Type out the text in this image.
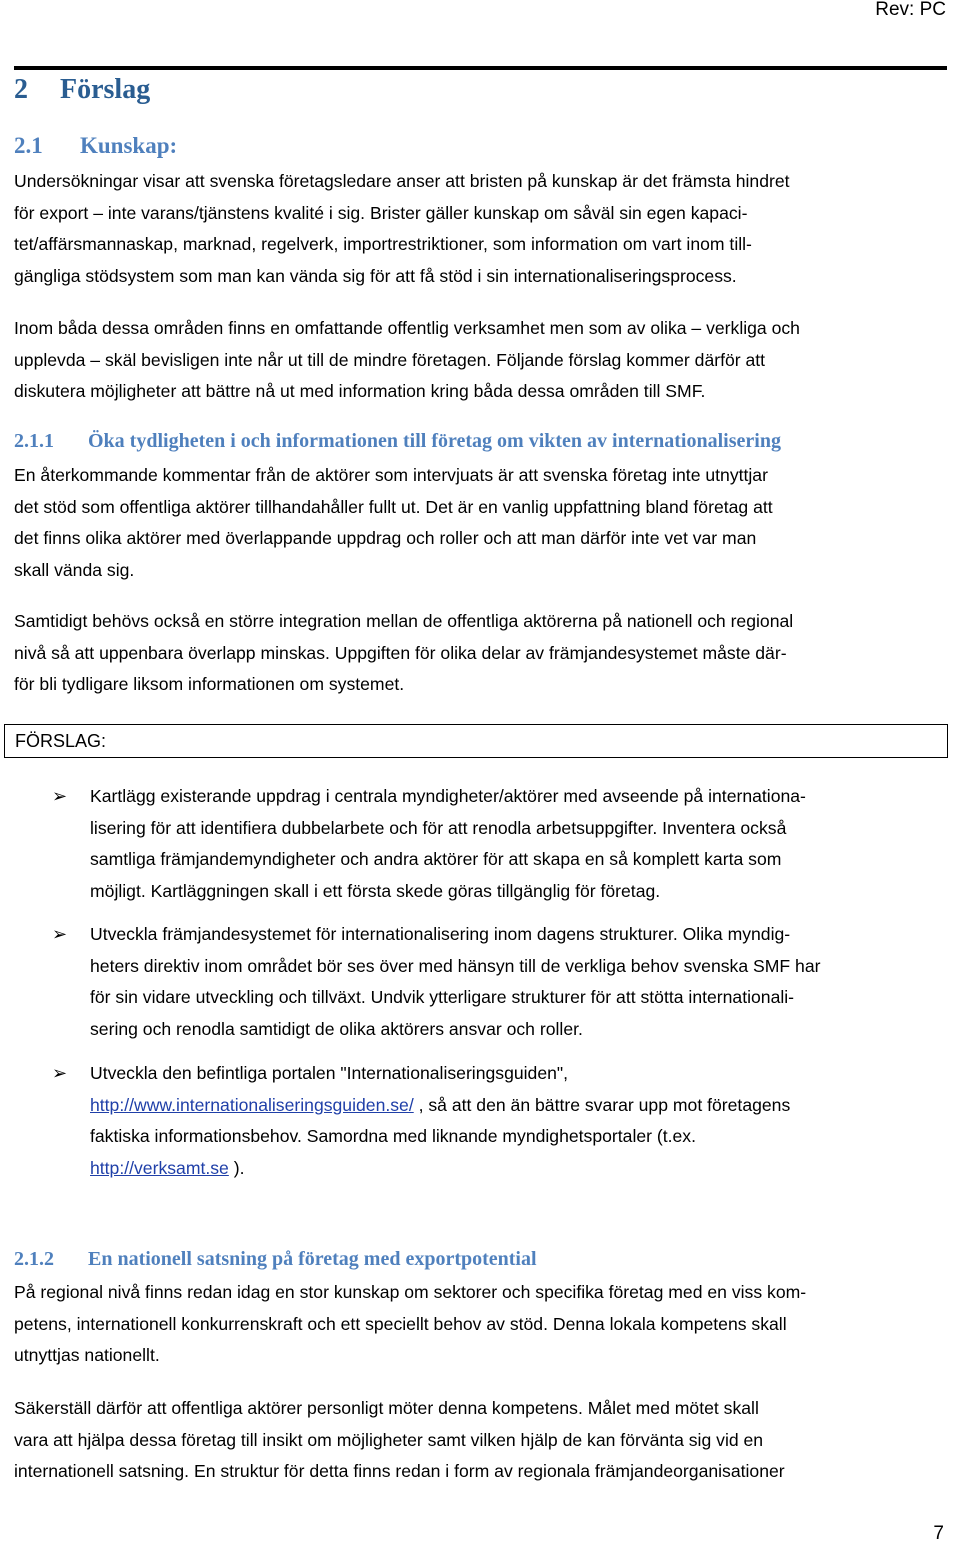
Rev: PC
2 Förslag
2.1 Kunskap:

Undersökningar visar att svenska företagsledare anser att bristen på kunskap är det främsta hindret
för export – inte varans/tjänstens kvalité i sig. Brister gäller kunskap om såväl sin egen kapaci-
tet/affärsmannaskap, marknad, regelverk, importrestriktioner, som information om vart inom till-
gängliga stödsystem som man kan vända sig för att få stöd i sin internationaliseringsprocess.

Inom båda dessa områden finns en omfattande offentlig verksamhet men som av olika – verkliga och
upplevda – skäl bevisligen inte når ut till de mindre företagen. Följande förslag kommer därför att
diskutera möjligheter att bättre nå ut med information kring båda dessa områden till SMF.

2.1.1 Öka tydligheten i och informationen till företag om vikten av internationalisering

En återkommande kommentar från de aktörer som intervjuats är att svenska företag inte utnyttjar
det stöd som offentliga aktörer tillhandahåller fullt ut. Det är en vanlig uppfattning bland företag att
det finns olika aktörer med överlappande uppdrag och roller och att man därför inte vet var man
skall vända sig.

Samtidigt behövs också en större integration mellan de offentliga aktörerna på nationell och regional
nivå så att uppenbara överlapp minskas. Uppgiften för olika delar av främjandesystemet måste där-
för bli tydligare liksom informationen om systemet.

FÖRSLAG:
➢ Kartlägg existerande uppdrag i centrala myndigheter/aktörer med avseende på internationa-
lisering för att identifiera dubbelarbete och för att renodla arbetsuppgifter. Inventera också
samtliga främjandemyndigheter och andra aktörer för att skapa en så komplett karta som
möjligt. Kartläggningen skall i ett första skede göras tillgänglig för företag.
➢ Utveckla främjandesystemet för internationalisering inom dagens strukturer. Olika myndig-
heters direktiv inom området bör ses över med hänsyn till de verkliga behov svenska SMF har
för sin vidare utveckling och tillväxt. Undvik ytterligare strukturer för att stötta internationali-
sering och renodla samtidigt de olika aktörers ansvar och roller.
➢ Utveckla den befintliga portalen "Internationaliseringsguiden",
http://www.internationaliseringsguiden.se/ , så att den än bättre svarar upp mot företagens
faktiska informationsbehov. Samordna med liknande myndighetsportaler (t.ex.
http://verksamt.se ).
2.1.2 En nationell satsning på företag med exportpotential

På regional nivå finns redan idag en stor kunskap om sektorer och specifika företag med en viss kom-
petens, internationell konkurrenskraft och ett speciellt behov av stöd. Denna lokala kompetens skall
utnyttjas nationellt.

Säkerställ därför att offentliga aktörer personligt möter denna kompetens. Målet med mötet skall
vara att hjälpa dessa företag till insikt om möjligheter samt vilken hjälp de kan förvänta sig vid en
internationell satsning. En struktur för detta finns redan i form av regionala främjandeorganisationer

7
